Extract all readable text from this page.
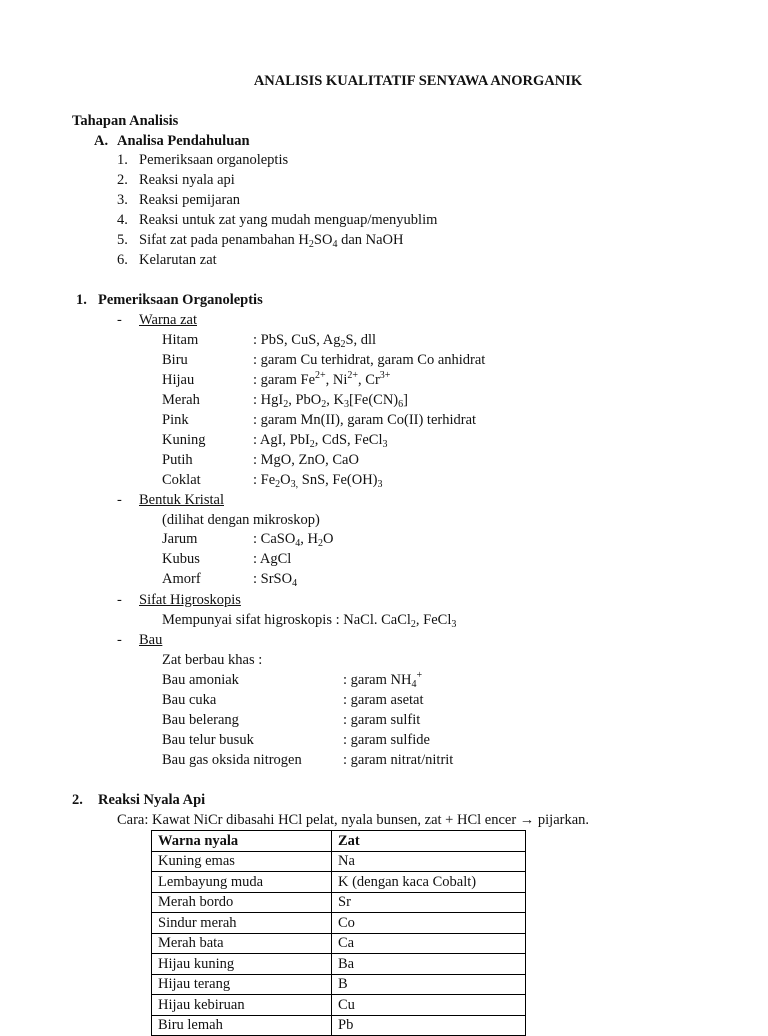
ANALISIS KUALITATIF SENYAWA ANORGANIK
Tahapan Analisis
A. Analisa Pendahuluan
1. Pemeriksaan organoleptis
2. Reaksi nyala api
3. Reaksi pemijaran
4. Reaksi untuk zat yang mudah menguap/menyublim
5. Sifat zat pada penambahan $H_2SO_4$ dan NaOH
6. Kelarutan zat
1. Pemeriksaan Organoleptis
- Warna zat
Hitam	: PbS, CuS, $Ag_2S$, dll
Biru	: garam Cu terhidrat, garam Co anhidrat
Hijau	: garam $Fe^{2+}$, $Ni^{2+}$, $Cr^{3+}$
Merah	: HgI$_2$, PbO$_2$, $K_3[Fe(CN)_6]$
Pink	: garam Mn(II), garam Co(II) terhidrat
Kuning	: AgI, PbI$_2$, CdS, FeCl$_3$
Putih	: MgO, ZnO, CaO
Coklat	: $Fe_2O_{3,}$ SnS, $Fe(OH)_3$
- Bentuk Kristal
(dilihat dengan mikroskop)
Jarum	: CaSO$_4$, $H_2O$
Kubus	: AgCl
Amorf	: SrSO$_4$
- Sifat Higroskopis
Mempunyai sifat higroskopis : NaCl. CaCl$_2$, FeCl$_3$
- Bau
Zat berbau khas :
Bau amoniak	: garam $NH_4^+$
Bau cuka	: garam asetat
Bau belerang	: garam sulfit
Bau telur busuk	: garam sulfide
Bau gas oksida nitrogen	: garam nitrat/nitrit
2. Reaksi Nyala Api
Cara: Kawat NiCr dibasahi HCl pelat, nyala bunsen, zat + HCl encer → pijarkan.
Warna nyala	Zat
Kuning emas	Na
Lembayung muda	K (dengan kaca Cobalt)
Merah bordo	Sr
Sindur merah	Co
Merah bata	Ca
Hijau kuning	Ba
Hijau terang	B
Hijau kebiruan	Cu
Biru lemah	Pb
